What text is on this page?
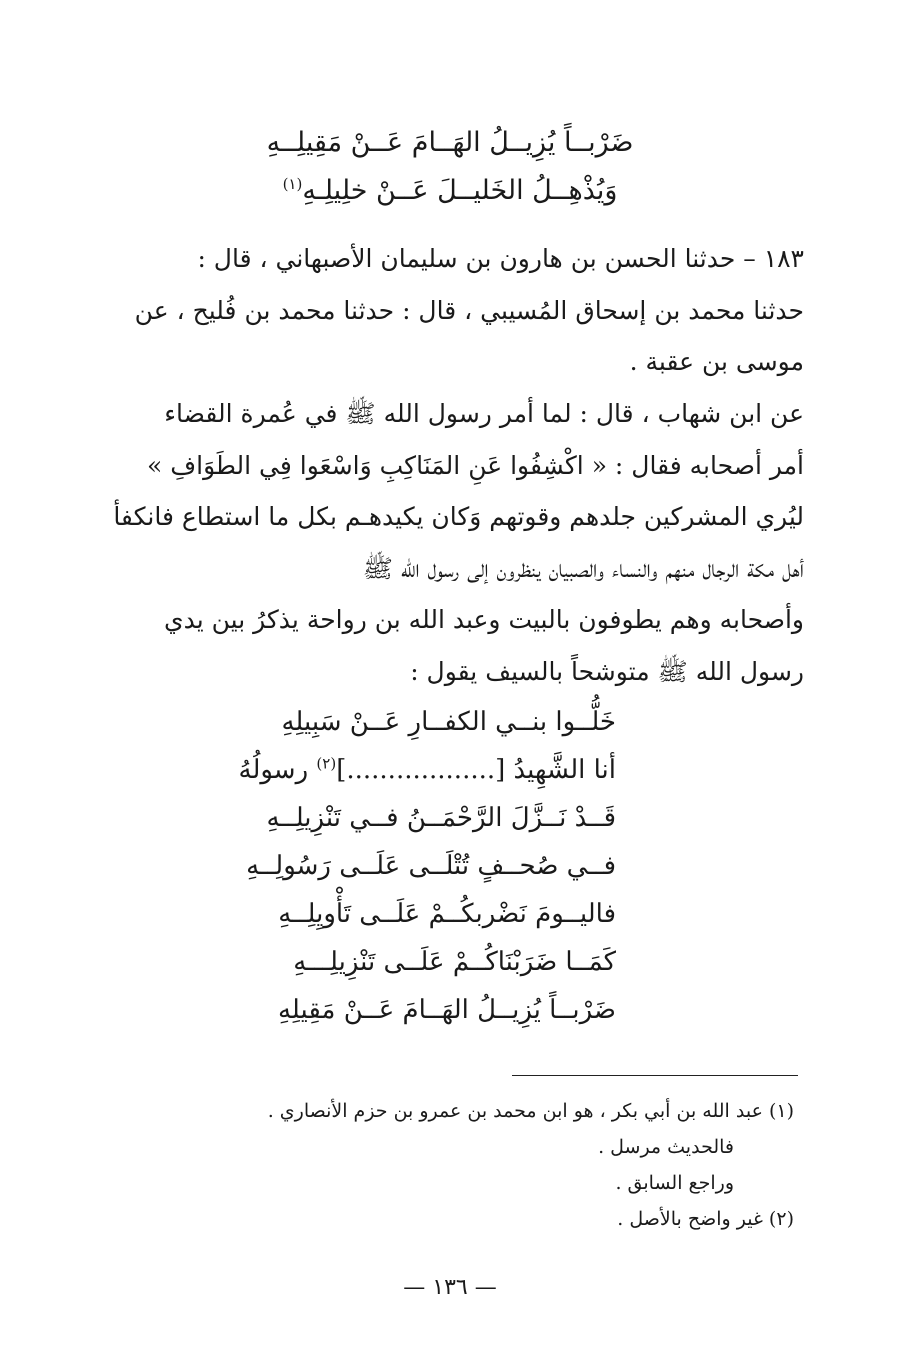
ضَرْبــاً يُزِيــلُ الهَــامَ عَــنْ مَقِيلِــهِ
وَيُذْهِــلُ الخَليــلَ عَــنْ خلِيلِـهِ$^{(١)}$
١٨٣ – حدثنا الحسن بن هارون بن سليمان الأصبهاني ، قال :
حدثنا محمد بن إسحاق المُسيبي ، قال : حدثنا محمد بن فُليح ، عن
موسى بن عقبة .
عن ابن شهاب ، قال : لما أمر رسول الله ﷺ في عُمرة القضاء
أمر أصحابه فقال : « اكْشِفُوا عَنِ المَنَاكِبِ وَاسْعَوا فِي الطَوَافِ »
ليُري المشركين جلدهم وقوتهم وَكان يكيدهـم بكل ما استطاع فانكفأ
أهل مكة الرجال منهم والنساء والصبيان ينظرون إلى رسول الله ﷺ
وأصحابه وهم يطوفون بالبيت وعبد الله بن رواحة يذكرُ بين يدي
رسول الله ﷺ متوشحاً بالسيف يقول :
خَلُّــوا بنــي الكفــارِ عَــنْ سَبِيلِهِ
أنا الشَّهِيدُ [..................]$^{(٢)}$ رسولُهُ
قَــدْ نَــزَّلَ الرَّحْمَــنُ فــي تَنْزِيلِــهِ
فــي صُحــفٍ تُتْلَــى عَلَــى رَسُولِــهِ
فاليــومَ نَضْربكُــمْ عَلَــى تَأْويِلِــهِ
كَمَــا ضَرَبْنَاكُــمْ عَلَــى تَنْزِيلِـــهِ
ضَرْبــاً يُزِيــلُ الهَــامَ عَــنْ مَقِيلِهِ
(١) عبد الله بن أبي بكر ، هو ابن محمد بن عمرو بن حزم الأنصاري .
فالحديث مرسل .
وراجع السابق .
(٢) غير واضح بالأصل .
— ١٣٦ —
